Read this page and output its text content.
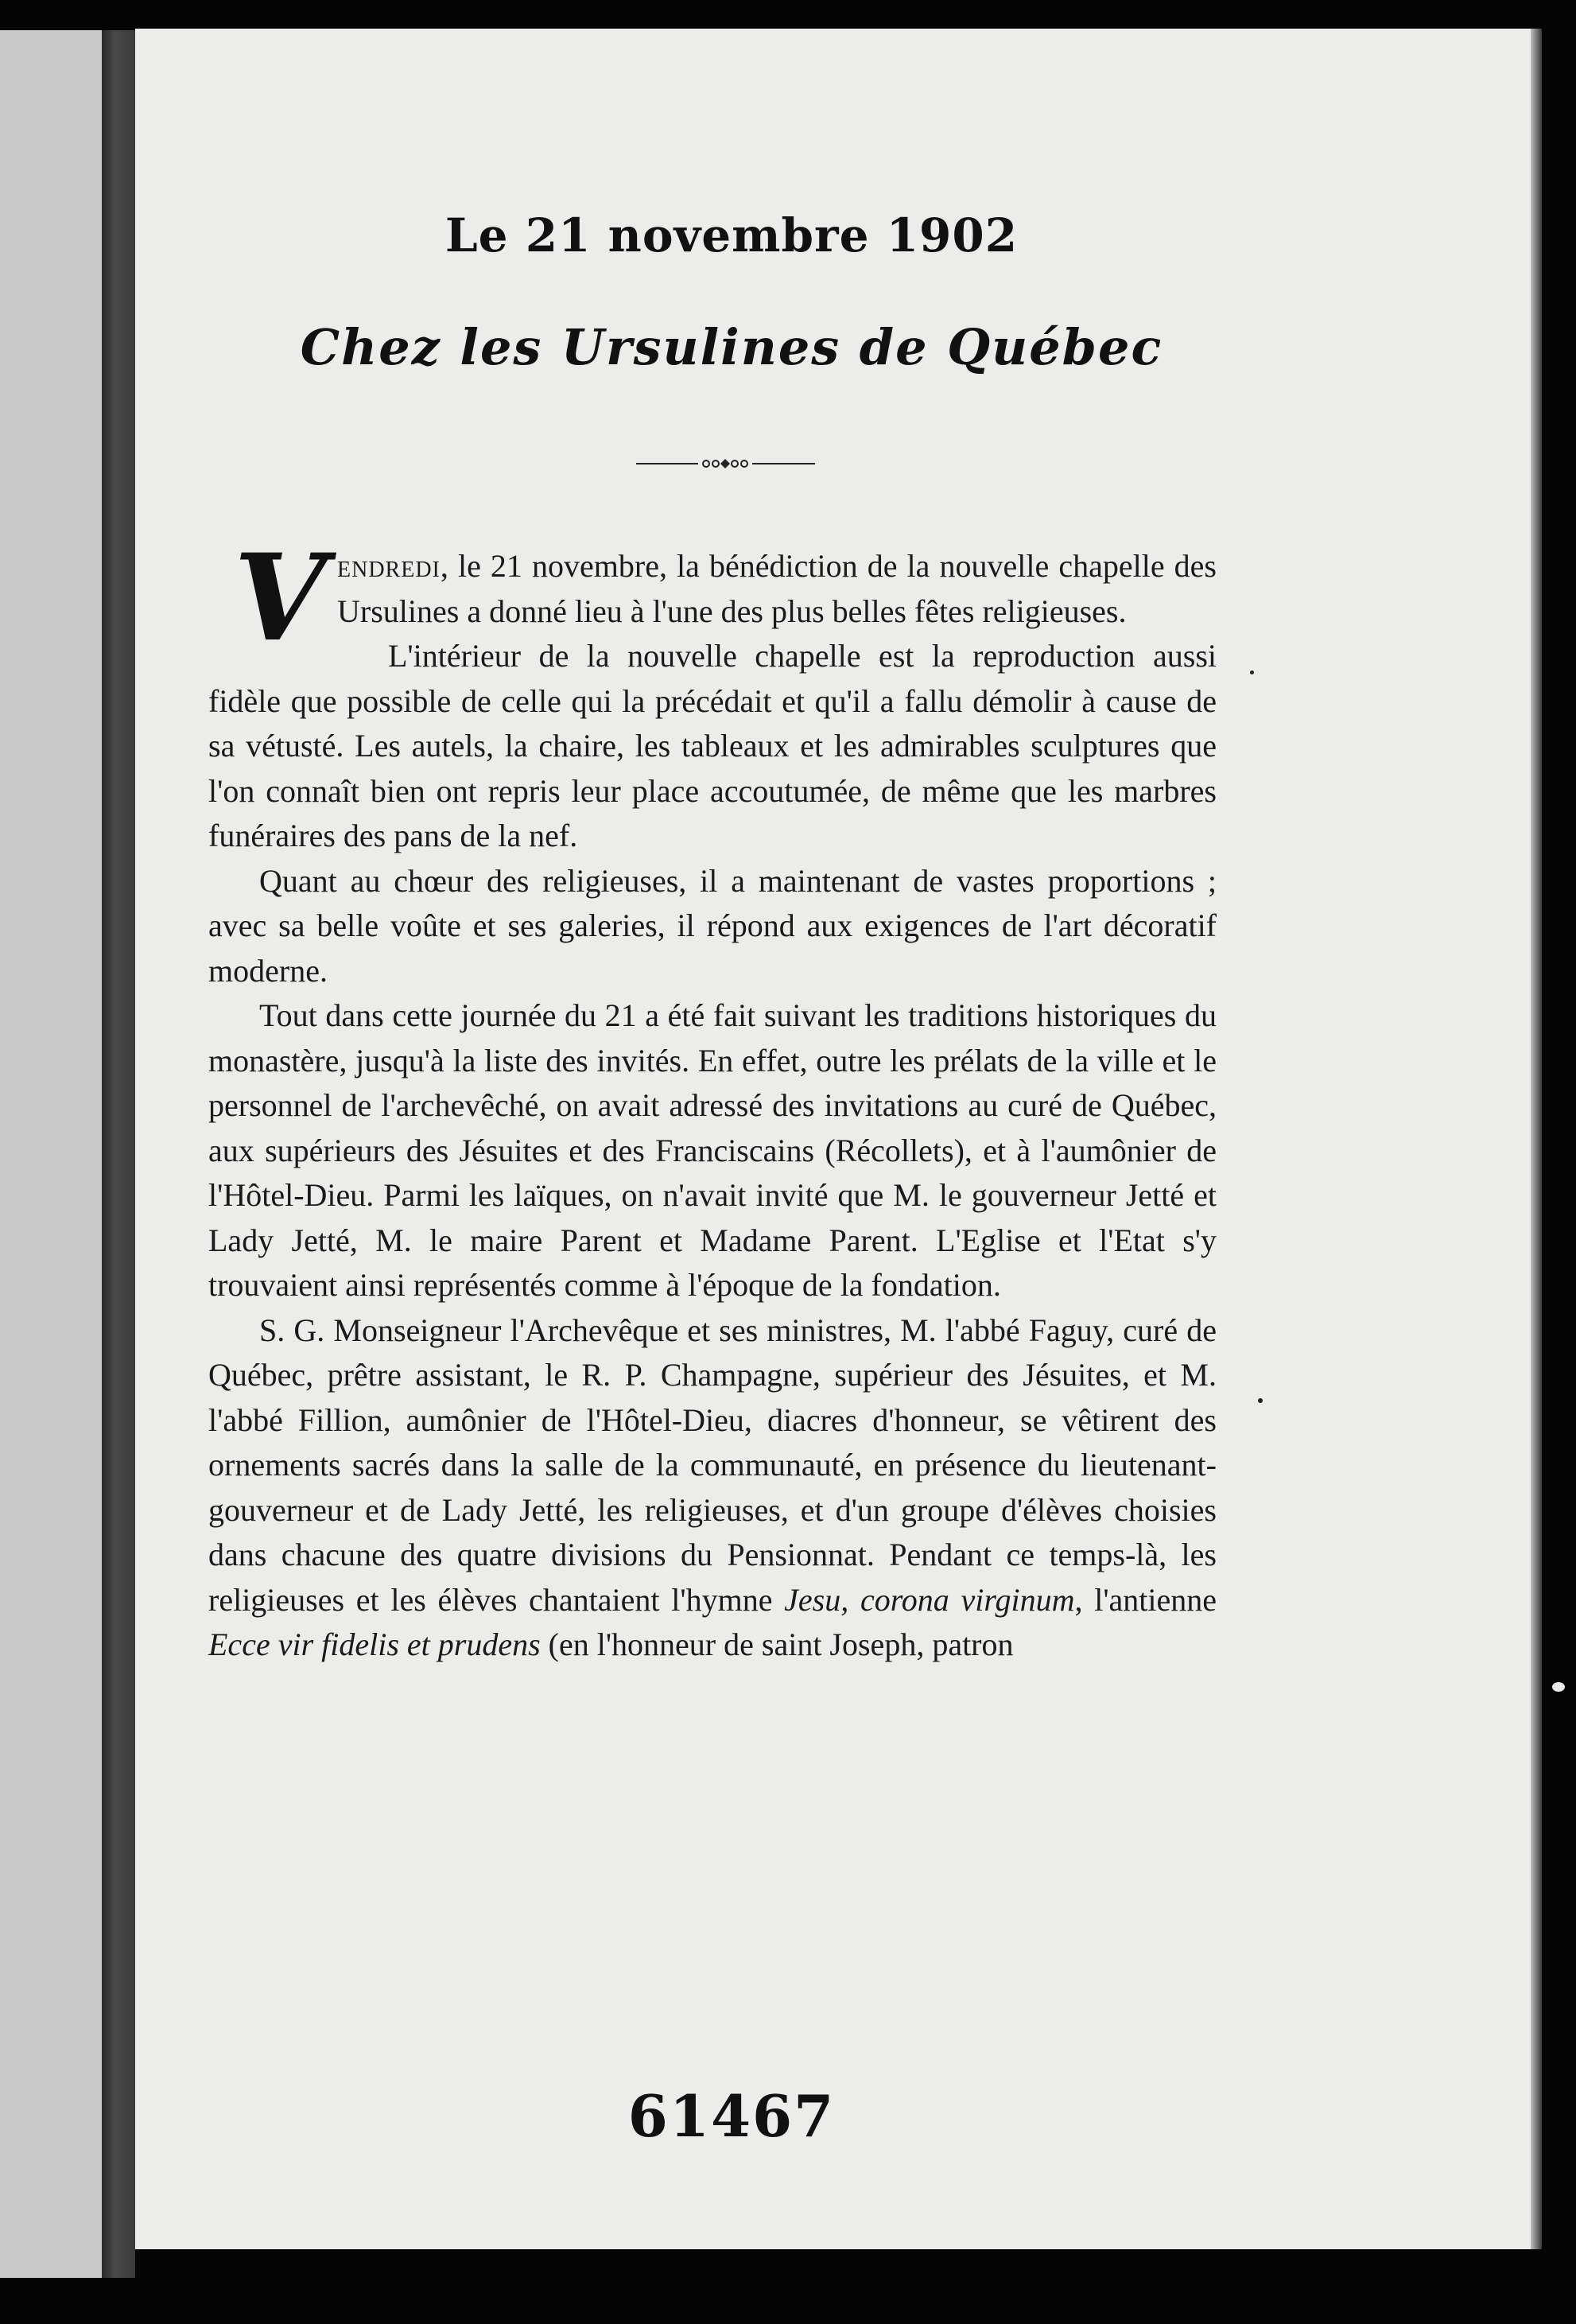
Le 21 novembre 1902
Chez les Ursulines de Québec

Vendredi, le 21 novembre, la bénédiction de la nouvelle chapelle des Ursulines a donné lieu à l'une des plus belles fêtes religieuses.

L'intérieur de la nouvelle chapelle est la reproduction aussi fidèle que possible de celle qui la précédait et qu'il a fallu démolir à cause de sa vétusté. Les autels, la chaire, les tableaux et les admirables sculptures que l'on connaît bien ont repris leur place accoutumée, de même que les marbres funéraires des pans de la nef.

Quant au chœur des religieuses, il a maintenant de vastes proportions ; avec sa belle voûte et ses galeries, il répond aux exigences de l'art décoratif moderne.

Tout dans cette journée du 21 a été fait suivant les traditions historiques du monastère, jusqu'à la liste des invités. En effet, outre les prélats de la ville et le personnel de l'archevêché, on avait adressé des invitations au curé de Québec, aux supérieurs des Jésuites et des Franciscains (Récollets), et à l'aumônier de l'Hôtel-Dieu. Parmi les laïques, on n'avait invité que M. le gouverneur Jetté et Lady Jetté, M. le maire Parent et Madame Parent. L'Eglise et l'Etat s'y trouvaient ainsi représentés comme à l'époque de la fondation.

S. G. Monseigneur l'Archevêque et ses ministres, M. l'abbé Faguy, curé de Québec, prêtre assistant, le R. P. Champagne, supérieur des Jésuites, et M. l'abbé Fillion, aumônier de l'Hôtel-Dieu, diacres d'honneur, se vêtirent des ornements sacrés dans la salle de la communauté, en présence du lieutenant-gouverneur et de Lady Jetté, les religieuses, et d'un groupe d'élèves choisies dans chacune des quatre divisions du Pensionnat. Pendant ce temps-là, les religieuses et les élèves chantaient l'hymne Jesu, corona virginum, l'antienne Ecce vir fidelis et prudens (en l'honneur de saint Joseph, patron

61467
